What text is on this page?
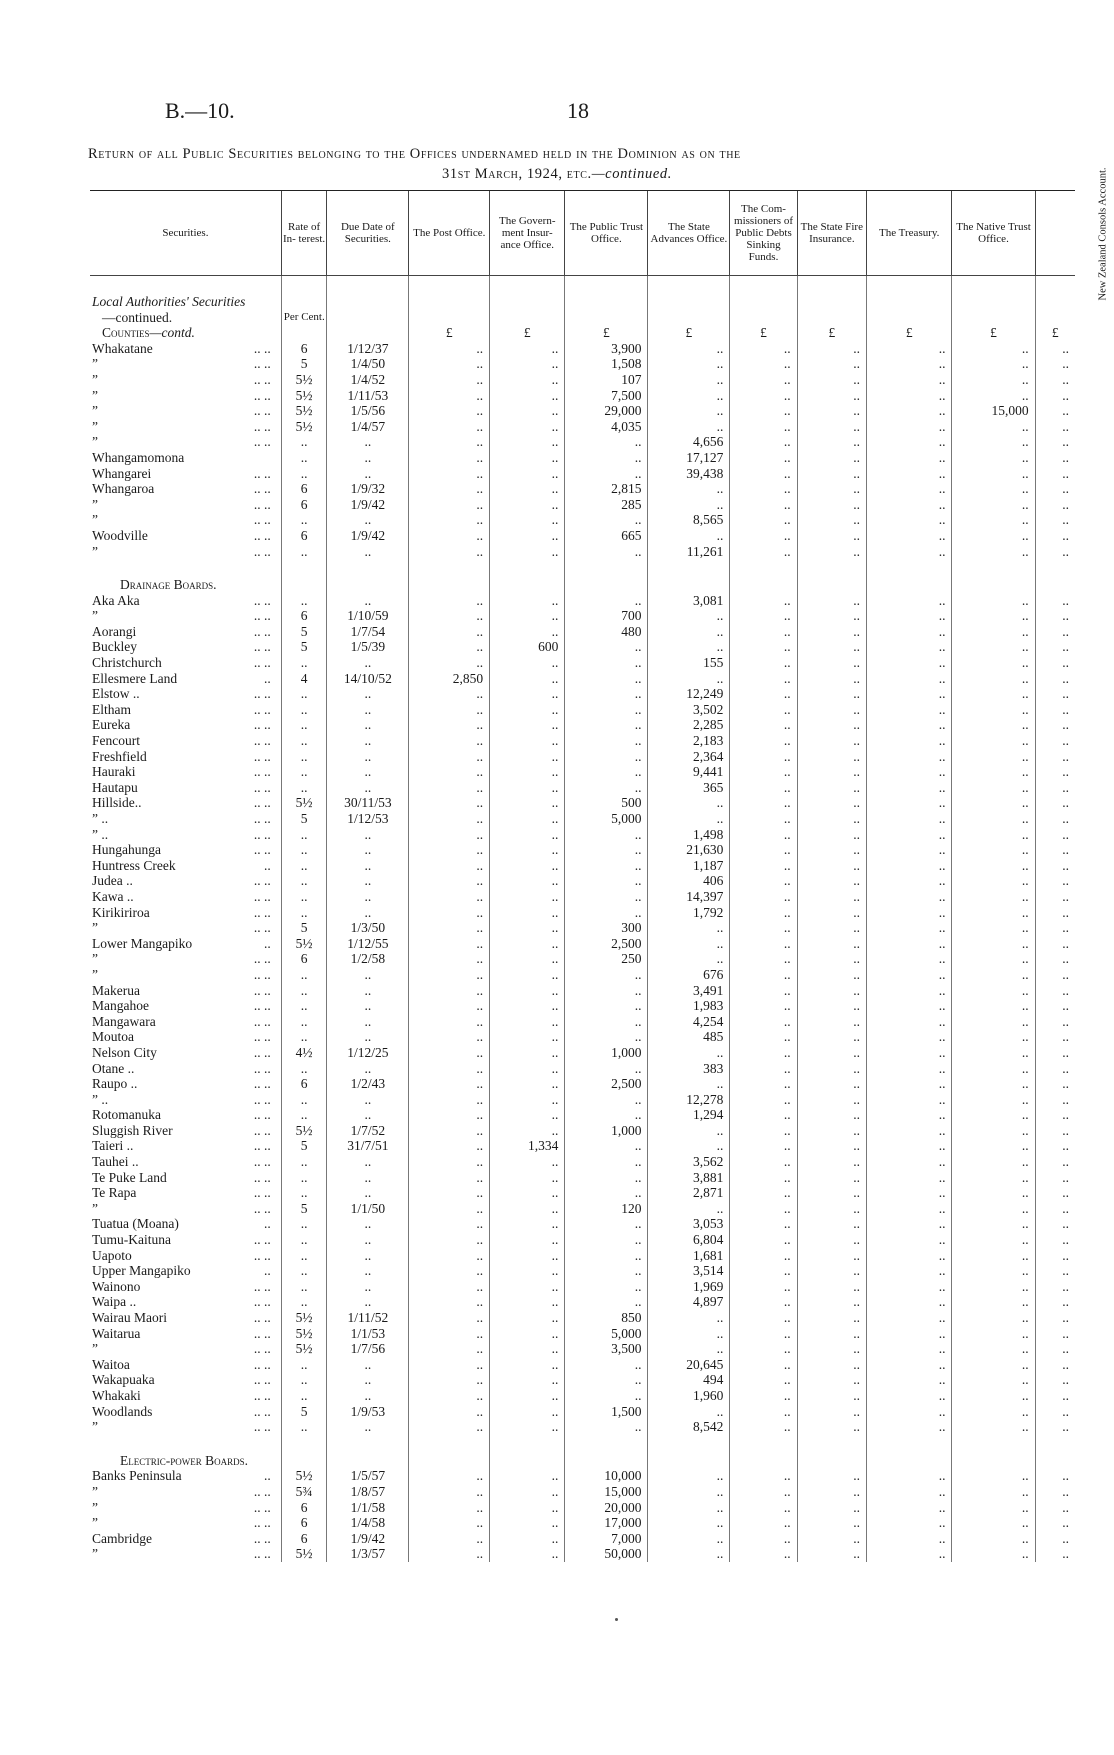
B.—10.	18
Return of all Public Securities belonging to the Offices undernamed held in the Dominion as on the
31st March, 1924, etc.—continued.
Securities.	Rate of In- terest.	Due Date of Securities.	The Post Office.	The Govern- ment Insur- ance Office.	The Public Trust Office.	The State Advances Office.	The Com- missioners of Public Debts Sinking Funds.	The State Fire Insurance.	The Treasury.	The Native Trust Office.	New Zealand Consols Account.

Local Authorities' Securities											
—continued.	Per Cent.										
Counties—contd.			£	£	£	£	£	£	£	£	£
Whakatane .. ..	6	1/12/37	..	..	3,900	..	..	..	..	..	..
” .. ..	5	1/4/50	..	..	1,508	..	..	..	..	..	..
” .. ..	5½	1/4/52	..	..	107	..	..	..	..	..	..
” .. ..	5½	1/11/53	..	..	7,500	..	..	..	..	..	..
” .. ..	5½	1/5/56	..	..	29,000	..	..	..	..	15,000	..
” .. ..	5½	1/4/57	..	..	4,035	..	..	..	..	..	..
” .. ..	..	..	..	..	..	4,656	..	..	..	..	..
Whangamomona	..	..	..	..	..	17,127	..	..	..	..	..
Whangarei .. ..	..	..	..	..	..	39,438	..	..	..	..	..
Whangaroa .. ..	6	1/9/32	..	..	2,815	..	..	..	..	..	..
” .. ..	6	1/9/42	..	..	285	..	..	..	..	..	..
” .. ..	..	..	..	..	..	8,565	..	..	..	..	..
Woodville .. ..	6	1/9/42	..	..	665	..	..	..	..	..	..
” .. ..	..	..	..	..	..	11,261	..	..	..	..	..

Drainage Boards.											
Aka Aka .. ..	..	..	..	..	..	3,081	..	..	..	..	..
” .. ..	6	1/10/59	..	..	700	..	..	..	..	..	..
Aorangi .. ..	5	1/7/54	..	..	480	..	..	..	..	..	..
Buckley .. ..	5	1/5/39	..	600	..	..	..	..	..	..	..
Christchurch .. ..	..	..	..	..	..	155	..	..	..	..	..
Ellesmere Land ..	4	14/10/52	2,850	..	..	..	..	..	..	..	..
Elstow .. .. ..	..	..	..	..	..	12,249	..	..	..	..	..
Eltham .. ..	..	..	..	..	..	3,502	..	..	..	..	..
Eureka .. ..	..	..	..	..	..	2,285	..	..	..	..	..
Fencourt .. ..	..	..	..	..	..	2,183	..	..	..	..	..
Freshfield .. ..	..	..	..	..	..	2,364	..	..	..	..	..
Hauraki .. ..	..	..	..	..	..	9,441	..	..	..	..	..
Hautapu .. ..	..	..	..	..	..	365	..	..	..	..	..
Hillside.. .. ..	5½	30/11/53	..	..	500	..	..	..	..	..	..
” .. .. ..	5	1/12/53	..	..	5,000	..	..	..	..	..	..
” .. .. ..	..	..	..	..	..	1,498	..	..	..	..	..
Hungahunga .. ..	..	..	..	..	..	21,630	..	..	..	..	..
Huntress Creek ..	..	..	..	..	..	1,187	..	..	..	..	..
Judea .. .. ..	..	..	..	..	..	406	..	..	..	..	..
Kawa .. .. ..	..	..	..	..	..	14,397	..	..	..	..	..
Kirikiriroa .. ..	..	..	..	..	..	1,792	..	..	..	..	..
” .. ..	5	1/3/50	..	..	300	..	..	..	..	..	..
Lower Mangapiko ..	5½	1/12/55	..	..	2,500	..	..	..	..	..	..
” .. ..	6	1/2/58	..	..	250	..	..	..	..	..	..
” .. ..	..	..	..	..	..	676	..	..	..	..	..
Makerua .. ..	..	..	..	..	..	3,491	..	..	..	..	..
Mangahoe .. ..	..	..	..	..	..	1,983	..	..	..	..	..
Mangawara .. ..	..	..	..	..	..	4,254	..	..	..	..	..
Moutoa .. ..	..	..	..	..	..	485	..	..	..	..	..
Nelson City .. ..	4½	1/12/25	..	..	1,000	..	..	..	..	..	..
Otane .. .. ..	..	..	..	..	..	383	..	..	..	..	..
Raupo .. .. ..	6	1/2/43	..	..	2,500	..	..	..	..	..	..
” .. .. ..	..	..	..	..	..	12,278	..	..	..	..	..
Rotomanuka .. ..	..	..	..	..	..	1,294	..	..	..	..	..
Sluggish River .. ..	5½	1/7/52	..	..	1,000	..	..	..	..	..	..
Taieri .. .. ..	5	31/7/51	..	1,334	..	..	..	..	..	..	..
Tauhei .. .. ..	..	..	..	..	..	3,562	..	..	..	..	..
Te Puke Land .. ..	..	..	..	..	..	3,881	..	..	..	..	..
Te Rapa .. ..	..	..	..	..	..	2,871	..	..	..	..	..
” .. ..	5	1/1/50	..	..	120	..	..	..	..	..	..
Tuatua (Moana) ..	..	..	..	..	..	3,053	..	..	..	..	..
Tumu-Kaituna .. ..	..	..	..	..	..	6,804	..	..	..	..	..
Uapoto .. ..	..	..	..	..	..	1,681	..	..	..	..	..
Upper Mangapiko ..	..	..	..	..	..	3,514	..	..	..	..	..
Wainono .. ..	..	..	..	..	..	1,969	..	..	..	..	..
Waipa .. .. ..	..	..	..	..	..	4,897	..	..	..	..	..
Wairau Maori .. ..	5½	1/11/52	..	..	850	..	..	..	..	..	..
Waitarua .. ..	5½	1/1/53	..	..	5,000	..	..	..	..	..	..
” .. ..	5½	1/7/56	..	..	3,500	..	..	..	..	..	..
Waitoa .. ..	..	..	..	..	..	20,645	..	..	..	..	..
Wakapuaka .. ..	..	..	..	..	..	494	..	..	..	..	..
Whakaki .. ..	..	..	..	..	..	1,960	..	..	..	..	..
Woodlands .. ..	5	1/9/53	..	..	1,500	..	..	..	..	..	..
” .. ..	..	..	..	..	..	8,542	..	..	..	..	..

Electric-power Boards.											
Banks Peninsula ..	5½	1/5/57	..	..	10,000	..	..	..	..	..	..
” .. ..	5¾	1/8/57	..	..	15,000	..	..	..	..	..	..
” .. ..	6	1/1/58	..	..	20,000	..	..	..	..	..	..
” .. ..	6	1/4/58	..	..	17,000	..	..	..	..	..	..
Cambridge .. ..	6	1/9/42	..	..	7,000	..	..	..	..	..	..
” .. ..	5½	1/3/57	..	..	50,000	..	..	..	..	..	..
